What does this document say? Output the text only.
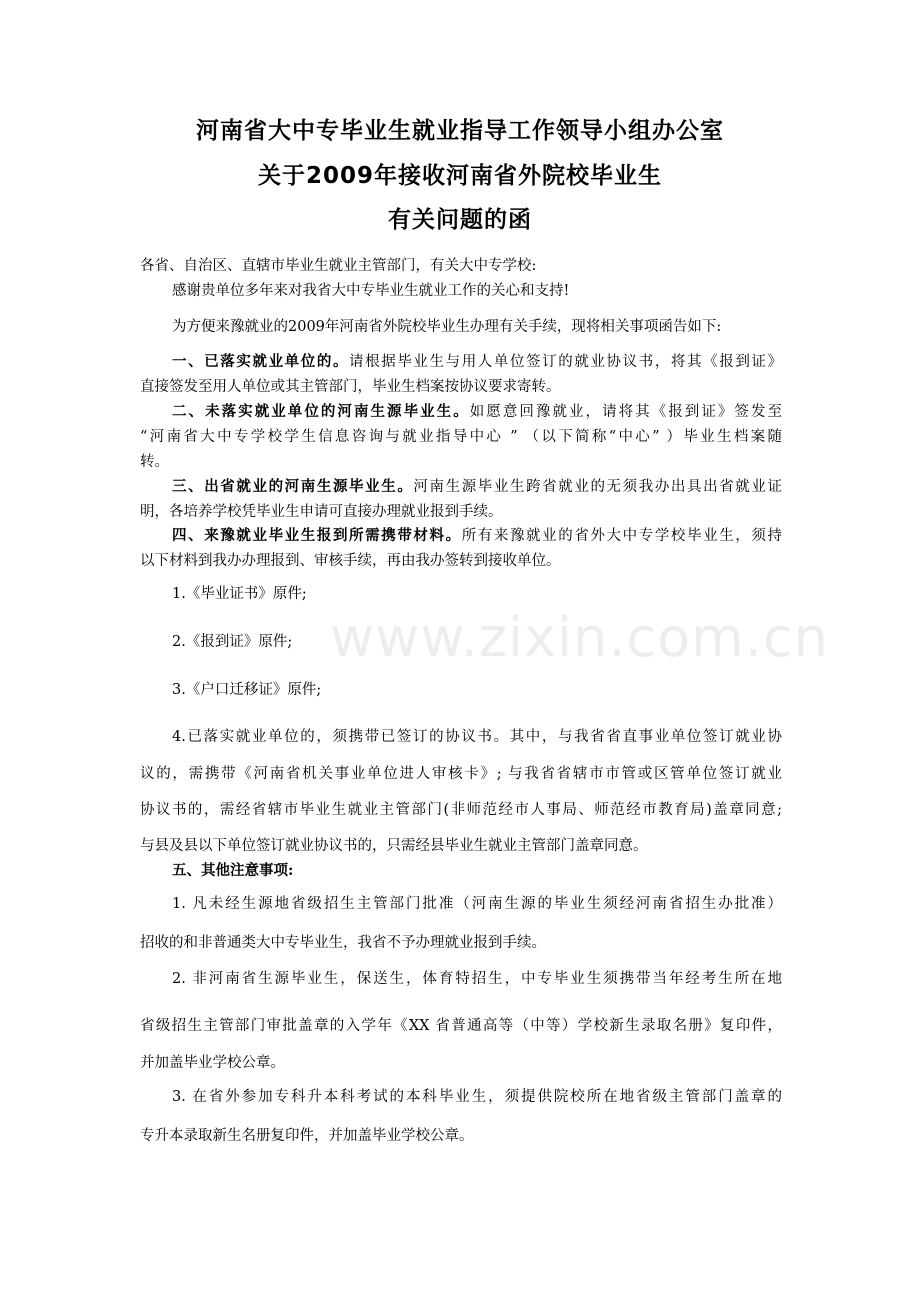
河南省大中专毕业生就业指导工作领导小组办公室
关于2009年接收河南省外院校毕业生
有关问题的函
各省、自治区、直辖市毕业生就业主管部门，有关大中专学校:
感谢贵单位多年来对我省大中专毕业生就业工作的关心和支持!
为方便来豫就业的2009年河南省外院校毕业生办理有关手续，现将相关事项函告如下:
一、已落实就业单位的。请根据毕业生与用人单位签订的就业协议书，将其《报到证》
直接签发至用人单位或其主管部门，毕业生档案按协议要求寄转。
二、未落实就业单位的河南生源毕业生。如愿意回豫就业，请将其《报到证》签发至
“河南省大中专学校学生信息咨询与就业指导中心 ” （以下简称“中心” ）毕业生档案随
转。
三、出省就业的河南生源毕业生。河南生源毕业生跨省就业的无须我办出具出省就业证
明，各培养学校凭毕业生申请可直接办理就业报到手续。
四、来豫就业毕业生报到所需携带材料。所有来豫就业的省外大中专学校毕业生，须持
以下材料到我办办理报到、审核手续，再由我办签转到接收单位。
1.《毕业证书》原件;
2.《报到证》原件;
3.《户口迁移证》原件;
4.已落实就业单位的，须携带已签订的协议书。其中，与我省省直事业单位签订就业协
议的，需携带《河南省机关事业单位进人审核卡》; 与我省省辖市市管或区管单位签订就业
协议书的，需经省辖市毕业生就业主管部门(非师范经市人事局、师范经市教育局)盖章同意;
与县及县以下单位签订就业协议书的，只需经县毕业生就业主管部门盖章同意。
五、其他注意事项:
1. 凡未经生源地省级招生主管部门批准（河南生源的毕业生须经河南省招生办批准）
招收的和非普通类大中专毕业生，我省不予办理就业报到手续。
2. 非河南省生源毕业生，保送生，体育特招生，中专毕业生须携带当年经考生所在地
省级招生主管部门审批盖章的入学年《XX 省普通高等（中等）学校新生录取名册》复印件，
并加盖毕业学校公章。
3. 在省外参加专科升本科考试的本科毕业生，须提供院校所在地省级主管部门盖章的
专升本录取新生名册复印件，并加盖毕业学校公章。
www.zixin.com.cn
